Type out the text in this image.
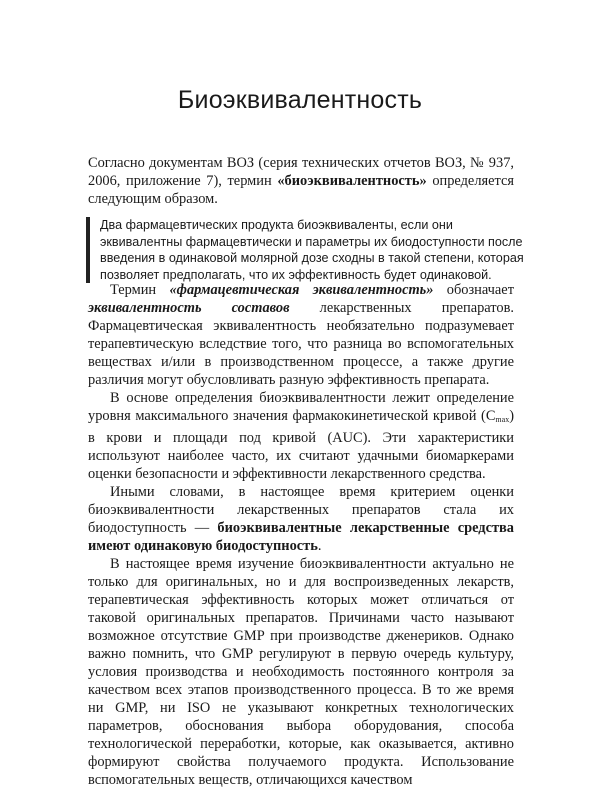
Биоэквивалентность

Согласно документам ВОЗ (серия технических отчетов ВОЗ, № 937, 2006, приложение 7), термин «биоэквивалентность» определяется следующим образом.

Два фармацевтических продукта биоэквиваленты, если они эквивалентны фармацевтически и параметры их биодоступности после введения в одинаковой молярной дозе сходны в такой степени, которая позволяет предполагать, что их эффективность будет одинаковой.

Термин «фармацевтическая эквивалентность» обозначает эквивалентность составов лекарственных препаратов. Фармацевтическая эквивалентность необязательно подразумевает терапевтическую вследствие того, что разница во вспомогательных веществах и/или в производственном процессе, а также другие различия могут обусловливать разную эффективность препарата.

В основе определения биоэквивалентности лежит определение уровня максимального значения фармакокинетической кривой $(C_{max})$ в крови и площади под кривой (AUC). Эти характеристики используют наиболее часто, их считают удачными биомаркерами оценки безопасности и эффективности лекарственного средства.

Иными словами, в настоящее время критерием оценки биоэквивалентности лекарственных препаратов стала их биодоступность — биоэквивалентные лекарственные средства имеют одинаковую биодоступность.

В настоящее время изучение биоэквивалентности актуально не только для оригинальных, но и для воспроизведенных лекарств, терапевтическая эффективность которых может отличаться от таковой оригинальных препаратов. Причинами часто называют возможное отсутствие GMP при производстве дженериков. Однако важно помнить, что GMP регулируют в первую очередь культуру, условия производства и необходимость постоянного контроля за качеством всех этапов производственного процесса. В то же время ни GMP, ни ISO не указывают конкретных технологических параметров, обоснования выбора оборудования, способа технологической переработки, которые, как оказывается, активно формируют свойства получаемого продукта. Использование вспомогательных веществ, отличающихся качеством
